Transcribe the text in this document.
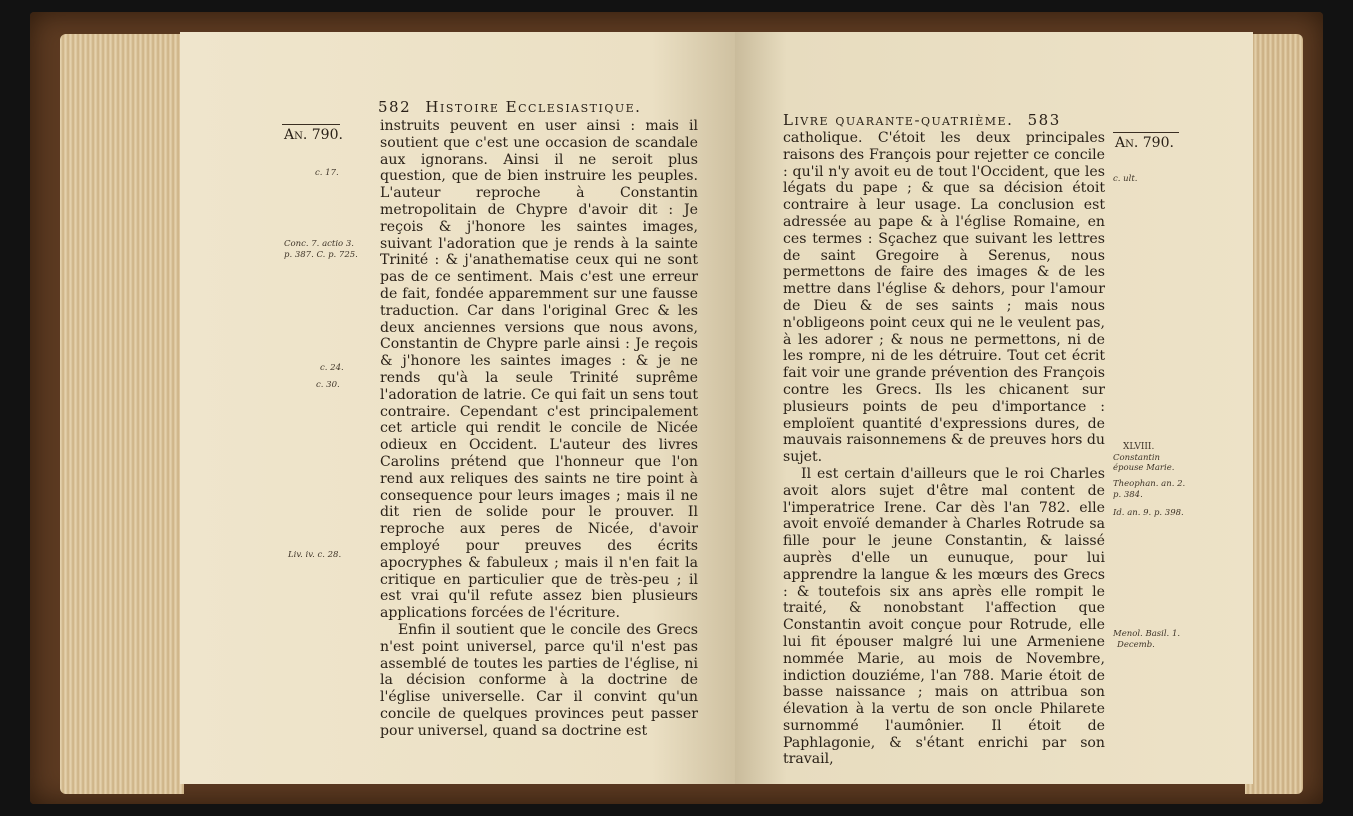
582 Histoire Ecclesiastique.
An. 790.
c. 17.
Conc. 7. actio 3.
p. 387. C. p. 725.
c. 24.
c. 30.
Liv. iv. c. 28.

instruits peuvent en user ainsi : mais il soutient que c'est une occasion de scandale aux ignorans. Ainsi il ne seroit plus question, que de bien instruire les peuples. L'auteur reproche à Constantin metropolitain de Chypre d'avoir dit : Je reçois & j'honore les saintes images, suivant l'adoration que je rends à la sainte Trinité : & j'anathematise ceux qui ne sont pas de ce sentiment. Mais c'est une erreur de fait, fondée apparemment sur une fausse traduction. Car dans l'original Grec & les deux anciennes versions que nous avons, Constantin de Chypre parle ainsi : Je reçois & j'honore les saintes images : & je ne rends qu'à la seule Trinité suprême l'adoration de latrie. Ce qui fait un sens tout contraire. Cependant c'est principalement cet article qui rendit le concile de Nicée odieux en Occident. L'auteur des livres Carolins prétend que l'honneur que l'on rend aux reliques des saints ne tire point à consequence pour leurs images ; mais il ne dit rien de solide pour le prouver. Il reproche aux peres de Nicée, d'avoir employé pour preuves des écrits apocryphes & fabuleux ; mais il n'en fait la critique en particulier que de très-peu ; il est vrai qu'il refute assez bien plusieurs applications forcées de l'écriture.

Enfin il soutient que le concile des Grecs n'est point universel, parce qu'il n'est pas assemblé de toutes les parties de l'église, ni la décision conforme à la doctrine de l'église universelle. Car il convint qu'un concile de quelques provinces peut passer pour universel, quand sa doctrine est

Livre quarante-quatrième. 583
An. 790.
c. ult.
XLVIII.
Constantin épouse Marie.
Theophan. an. 2.
p. 384.
Id. an. 9. p. 398.
Menol. Basil. 1.
Decemb.

catholique. C'étoit les deux principales raisons des François pour rejetter ce concile : qu'il n'y avoit eu de tout l'Occident, que les légats du pape ; & que sa décision étoit contraire à leur usage. La conclusion est adressée au pape & à l'église Romaine, en ces termes : Sçachez que suivant les lettres de saint Gregoire à Serenus, nous permettons de faire des images & de les mettre dans l'église & dehors, pour l'amour de Dieu & de ses saints ; mais nous n'obligeons point ceux qui ne le veulent pas, à les adorer ; & nous ne permettons, ni de les rompre, ni de les détruire. Tout cet écrit fait voir une grande prévention des François contre les Grecs. Ils les chicanent sur plusieurs points de peu d'importance : emploïent quantité d'expressions dures, de mauvais raisonnemens & de preuves hors du sujet.

Il est certain d'ailleurs que le roi Charles avoit alors sujet d'être mal content de l'imperatrice Irene. Car dès l'an 782. elle avoit envoïé demander à Charles Rotrude sa fille pour le jeune Constantin, & laissé auprès d'elle un eunuque, pour lui apprendre la langue & les mœurs des Grecs : & toutefois six ans après elle rompit le traité, & nonobstant l'affection que Constantin avoit conçue pour Rotrude, elle lui fit épouser malgré lui une Armeniene nommée Marie, au mois de Novembre, indiction douziéme, l'an 788. Marie étoit de basse naissance ; mais on attribua son élevation à la vertu de son oncle Philarete surnommé l'aumônier. Il étoit de Paphlagonie, & s'étant enrichi par son travail,
